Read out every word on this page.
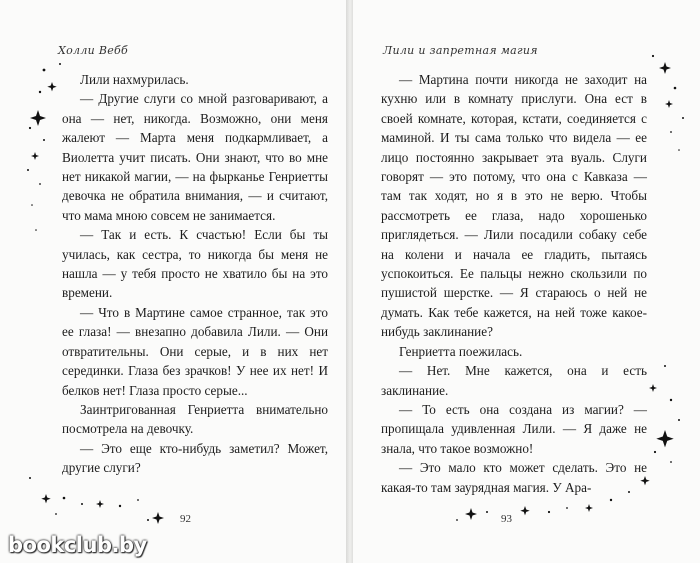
Холли Вебб

Лили нахмурилась.

— Другие слуги со мной разговаривают, а она — нет, никогда. Возможно, они меня жалеют — Марта меня подкармливает, а Виолетта учит писать. Они знают, что во мне нет никакой магии, — на фырканье Генриетты девочка не обратила внимания, — и считают, что мама мною совсем не занимается.

— Так и есть. К счастью! Если бы ты училась, как сестра, то никогда бы меня не нашла — у тебя просто не хватило бы на это времени.

— Что в Мартине самое странное, так это ее глаза! — внезапно добавила Лили. — Они отвратительны. Они серые, и в них нет серединки. Глаза без зрачков! У нее их нет! И белков нет! Глаза просто серые...

Заинтригованная Генриетта внимательно посмотрела на девочку.

— Это еще кто-нибудь заметил? Может, другие слуги?

92
Лили и запретная магия

— Мартина почти никогда не заходит на кухню или в комнату прислуги. Она ест в своей комнате, которая, кстати, соединяется с маминой. И ты сама только что видела — ее лицо постоянно закрывает эта вуаль. Слуги говорят — это потому, что она с Кавказа — там так ходят, но я в это не верю. Чтобы рассмотреть ее глаза, надо хорошенько приглядеться. — Лили посадили собаку себе на колени и начала ее гладить, пытаясь успокоиться. Ее пальцы нежно скользили по пушистой шерстке. — Я стараюсь о ней не думать. Как тебе кажется, на ней тоже какое-нибудь заклинание?

Генриетта поежилась.

— Нет. Мне кажется, она и есть заклинание.

— То есть она создана из магии? — пропищала удивленная Лили. — Я даже не знала, что такое возможно!

— Это мало кто может сделать. Это не какая-то там заурядная магия. У Ара-

93
bookclub.by
